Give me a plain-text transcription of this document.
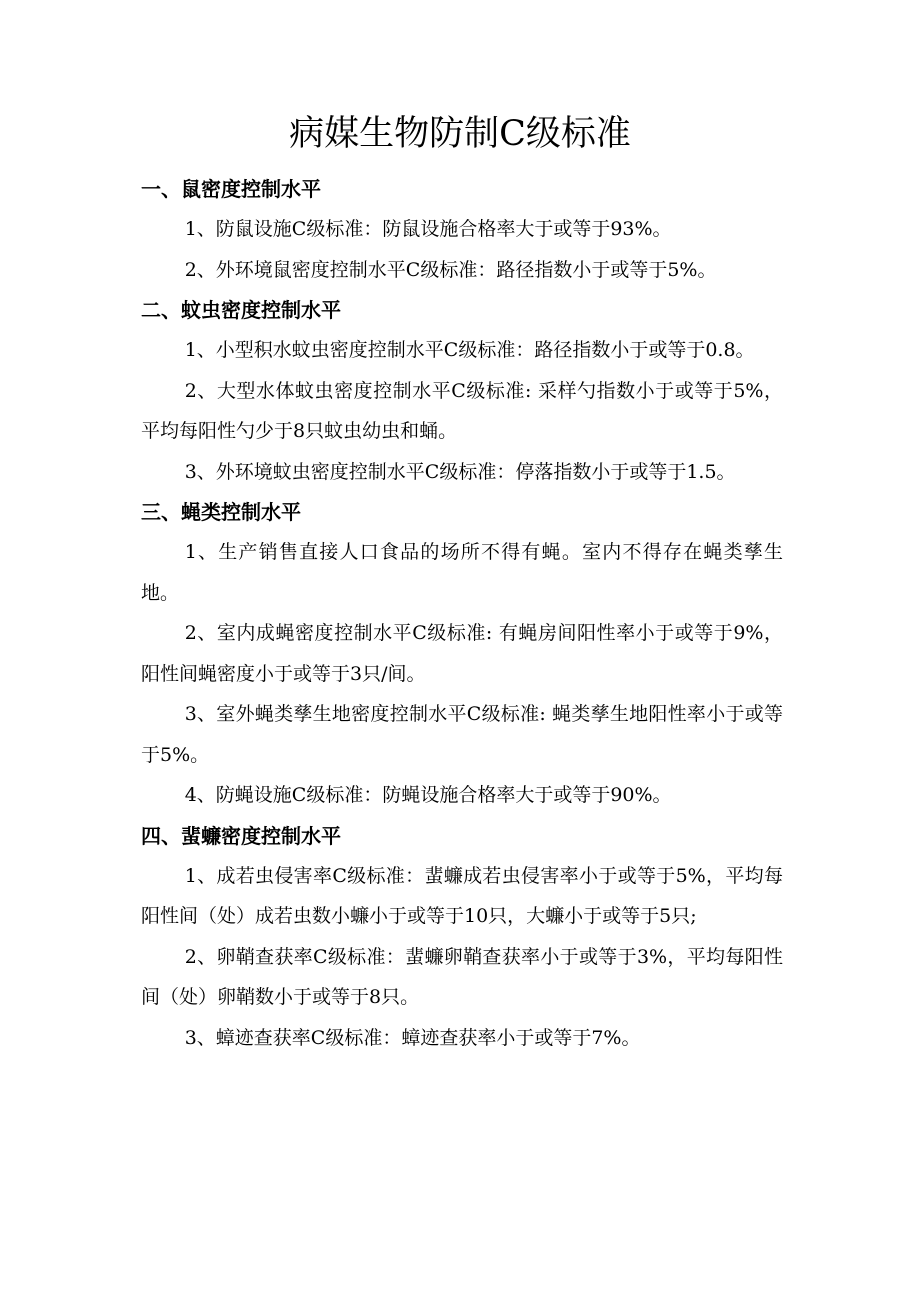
病媒生物防制C级标准
一、鼠密度控制水平

1、防鼠设施C级标准：防鼠设施合格率大于或等于93%。

2、外环境鼠密度控制水平C级标准：路径指数小于或等于5%。

二、蚊虫密度控制水平

1、小型积水蚊虫密度控制水平C级标准：路径指数小于或等于0.8。

2、大型水体蚊虫密度控制水平C级标准: 采样勺指数小于或等于5%，平均每阳性勺少于8只蚊虫幼虫和蛹。

3、外环境蚊虫密度控制水平C级标准：停落指数小于或等于1.5。

三、蝇类控制水平

1、生产销售直接人口食品的场所不得有蝇。室内不得存在蝇类孳生地。

2、室内成蝇密度控制水平C级标准: 有蝇房间阳性率小于或等于9%，阳性间蝇密度小于或等于3只/间。

3、室外蝇类孳生地密度控制水平C级标准: 蝇类孳生地阳性率小于或等于5%。

4、防蝇设施C级标准：防蝇设施合格率大于或等于90%。

四、蜚蠊密度控制水平

1、成若虫侵害率C级标准：蜚蠊成若虫侵害率小于或等于5%，平均每阳性间（处）成若虫数小蠊小于或等于10只，大蠊小于或等于5只;

2、卵鞘查获率C级标准：蜚蠊卵鞘查获率小于或等于3%，平均每阳性间（处）卵鞘数小于或等于8只。

3、蟑迹查获率C级标准：蟑迹查获率小于或等于7%。
